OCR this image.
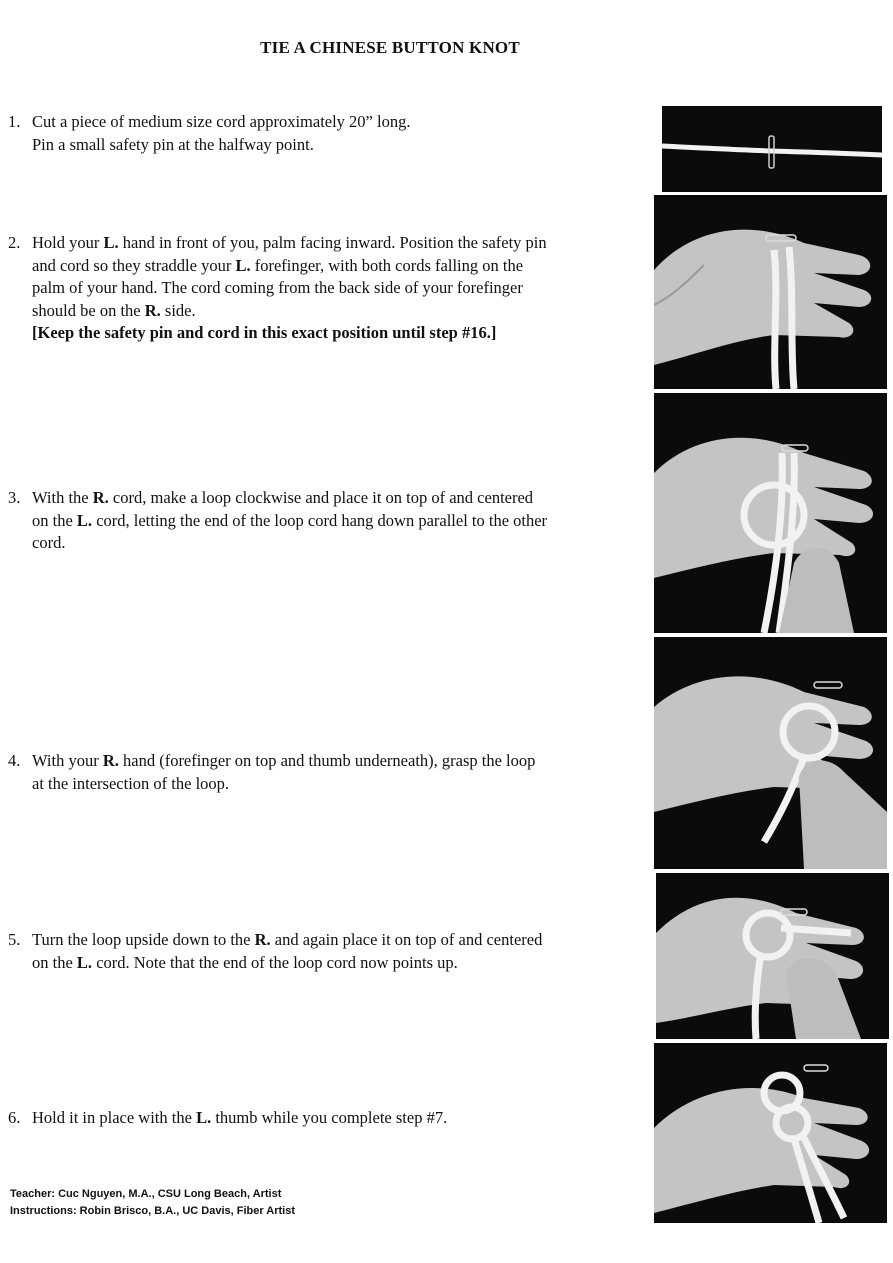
TIE A CHINESE BUTTON KNOT
1. Cut a piece of medium size cord approximately 20” long.

Pin a small safety pin at the halfway point.

2. Hold your L. hand in front of you, palm facing inward. Position the safety pin

and cord so they straddle your L. forefinger, with both cords falling on the

palm of your hand. The cord coming from the back side of your forefinger

should be on the R. side.

[Keep the safety pin and cord in this exact position until step #16.]

3. With the R. cord, make a loop clockwise and place it on top of and centered

on the L. cord, letting the end of the loop cord hang down parallel to the other

cord.

4. With your R. hand (forefinger on top and thumb underneath), grasp the loop

at the intersection of the loop.

5. Turn the loop upside down to the R. and again place it on top of and centered

on the L. cord. Note that the end of the loop cord now points up.

6. Hold it in place with the L. thumb while you complete step #7.

Teacher: Cuc Nguyen, M.A., CSU Long Beach, Artist
Instructions: Robin Brisco, B.A., UC Davis, Fiber Artist
